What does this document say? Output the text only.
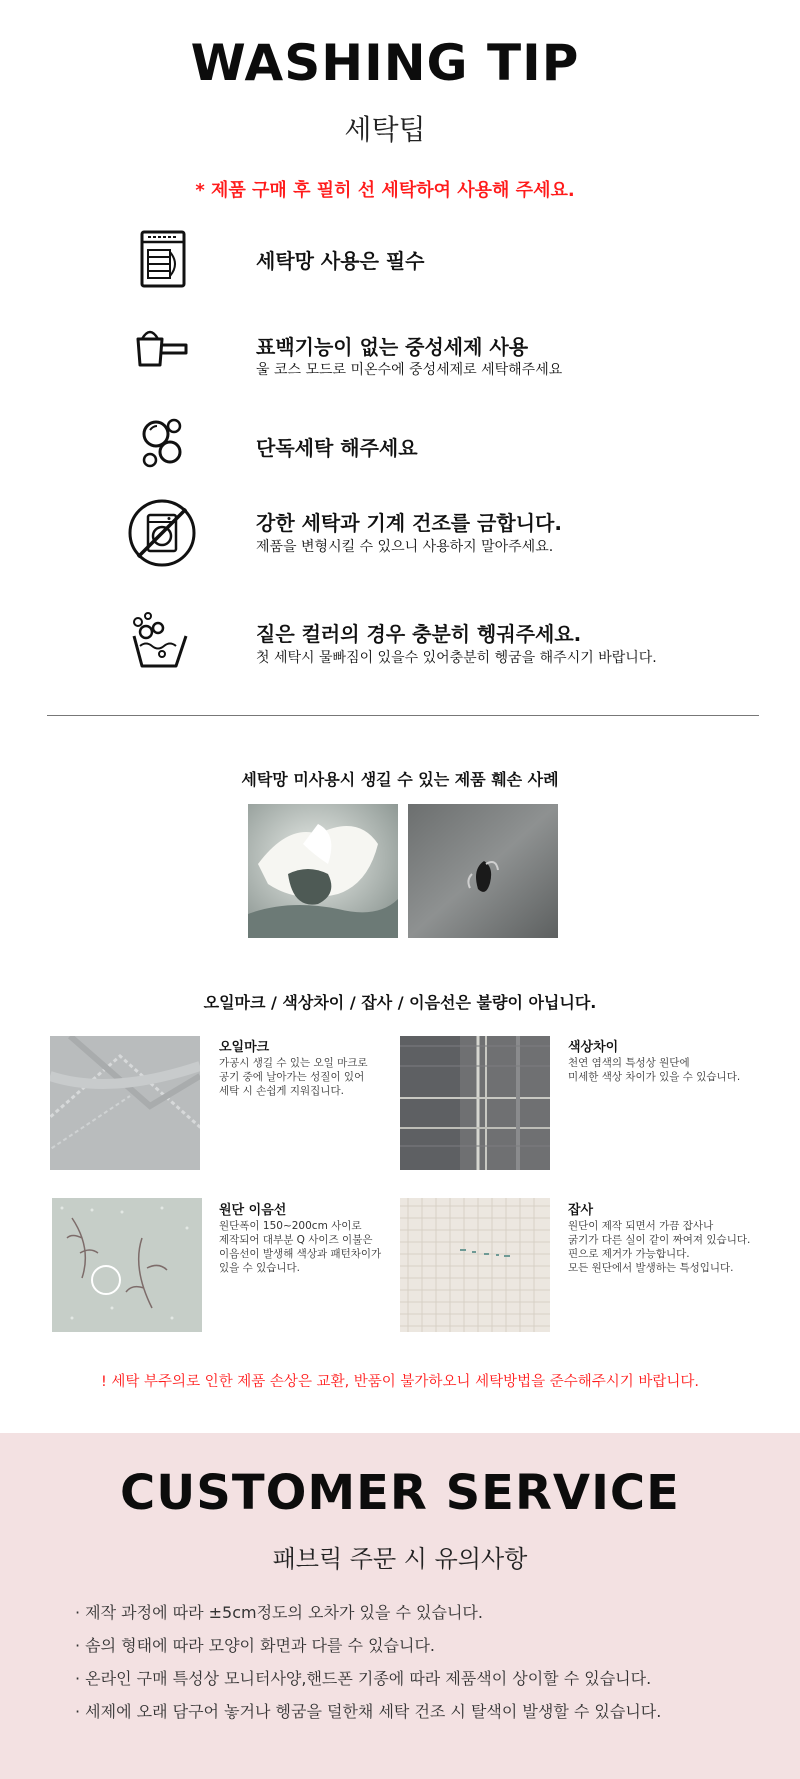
WASHING TIP
세탁팁
* 제품 구매 후 필히 선 세탁하여 사용해 주세요.
세탁망 사용은 필수
표백기능이 없는 중성세제 사용
울 코스 모드로 미온수에 중성세제로 세탁해주세요
단독세탁 해주세요
강한 세탁과 기계 건조를 금합니다.
제품을 변형시킬 수 있으니 사용하지 말아주세요.
짙은 컬러의 경우 충분히 헹궈주세요.
첫 세탁시 물빠짐이 있을수 있어충분히 헹굼을 해주시기 바랍니다.
세탁망 미사용시 생길 수 있는 제품 훼손 사례
오일마크 / 색상차이 / 잡사 / 이음선은 불량이 아닙니다.
오일마크
가공시 생길 수 있는 오일 마크로
공기 중에 날아가는 성질이 있어
세탁 시 손쉽게 지워집니다.
색상차이
천연 염색의 특성상 원단에
미세한 색상 차이가 있을 수 있습니다.
원단 이음선
원단폭이 150~200cm 사이로
제작되어 대부분 Q 사이즈 이불은
이음선이 발생해 색상과 패턴차이가
있을 수 있습니다.
잡사
원단이 제작 되면서 가끔 잡사나
굵기가 다른 실이 같이 짜여져 있습니다.
핀으로 제거가 가능합니다.
모든 원단에서 발생하는 특성입니다.
! 세탁 부주의로 인한 제품 손상은 교환, 반품이 불가하오니 세탁방법을 준수해주시기 바랍니다.
CUSTOMER SERVICE
패브릭 주문 시 유의사항
· 제작 과정에 따라 ±5cm정도의 오차가 있을 수 있습니다.
· 솜의 형태에 따라 모양이 화면과 다를 수 있습니다.
· 온라인 구매 특성상 모니터사양,핸드폰 기종에 따라 제품색이 상이할 수 있습니다.
· 세제에 오래 담구어 놓거나 헹굼을 덜한채 세탁 건조 시 탈색이 발생할 수 있습니다.
